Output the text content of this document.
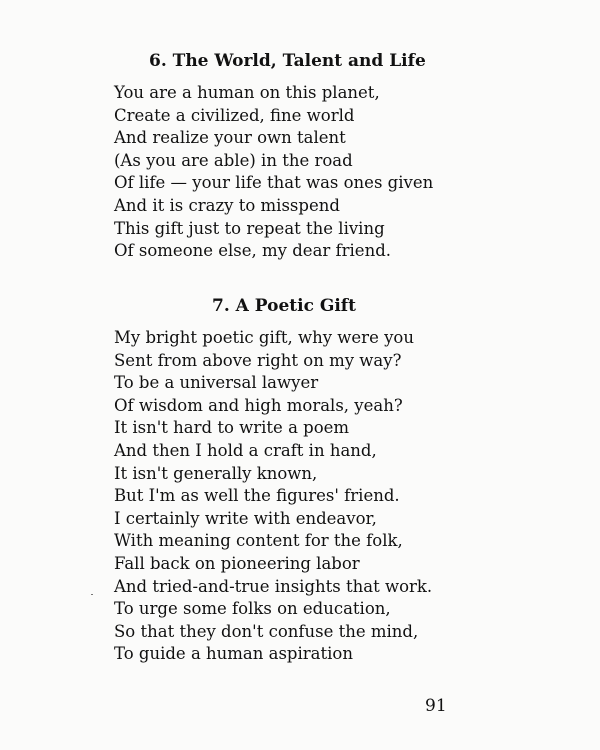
6. The World, Talent and Life
You are a human on this planet,
Create a civilized, fine world
And realize your own talent
(As you are able) in the road
Of life — your life that was ones given
And it is crazy to misspend
This gift just to repeat the living
Of someone else, my dear friend.
7. A Poetic Gift
My bright poetic gift, why were you
Sent from above right on my way?
To be a universal lawyer
Of wisdom and high morals, yeah?
It isn't hard to write a poem
And then I hold a craft in hand,
It isn't generally known,
But I'm as well the figures' friend.
I certainly write with endeavor,
With meaning content for the folk,
Fall back on pioneering labor
And tried-and-true insights that work.
To urge some folks on education,
So that they don't confuse the mind,
To guide a human aspiration
91
